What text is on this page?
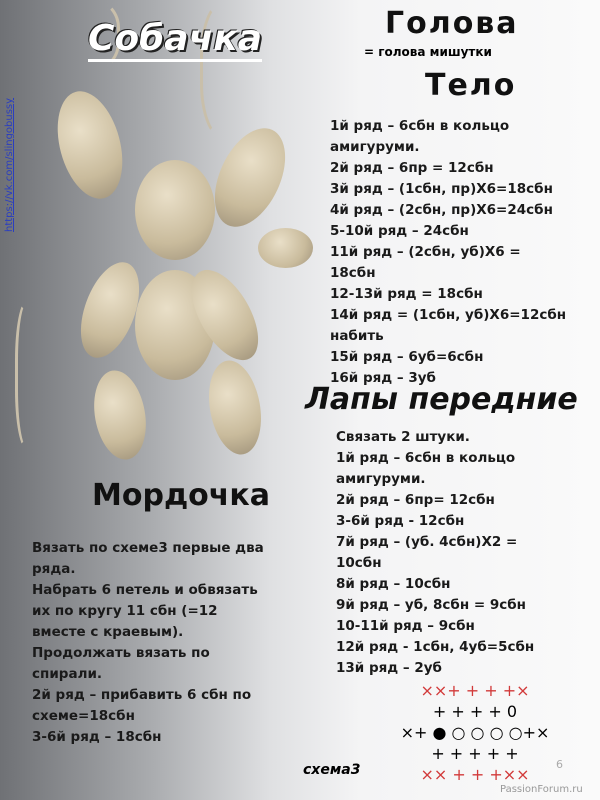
Собачка
https://vk.com/slingobussy
Голова
= голова мишутки
Тело
1й ряд – 6сбн в кольцо
амигуруми.
2й ряд – 6пр = 12сбн
3й ряд – (1сбн, пр)Х6=18сбн
4й ряд – (2сбн, пр)Х6=24сбн
5-10й ряд – 24сбн
11й ряд – (2сбн, уб)Х6 =
18сбн
12-13й ряд = 18сбн
14й ряд = (1сбн, уб)Х6=12сбн
набить
15й ряд – 6уб=6сбн
16й ряд – 3уб
Лапы передние
Связать 2 штуки.
1й ряд – 6сбн в кольцо
амигуруми.
2й ряд – 6пр= 12сбн
3-6й ряд - 12сбн
7й ряд – (уб. 4сбн)Х2 =
10сбн
8й ряд – 10сбн
9й ряд – уб, 8сбн = 9сбн
10-11й ряд – 9сбн
12й ряд - 1сбн, 4уб=5сбн
13й ряд – 2уб
Мордочка
Вязать по схеме3 первые два
ряда.
Набрать 6 петель и обвязать
их по кругу 11 сбн (=12
вместе с краевым).
Продолжать вязать по
спирали.
2й ряд – прибавить 6 сбн по
схеме=18сбн
3-6й ряд – 18сбн
схема3
××+ + + +×
+ + + + 0
×+ ● ○ ○ ○ ○+×
+ + + + +
×× + + +××
6
PassionForum.ru
